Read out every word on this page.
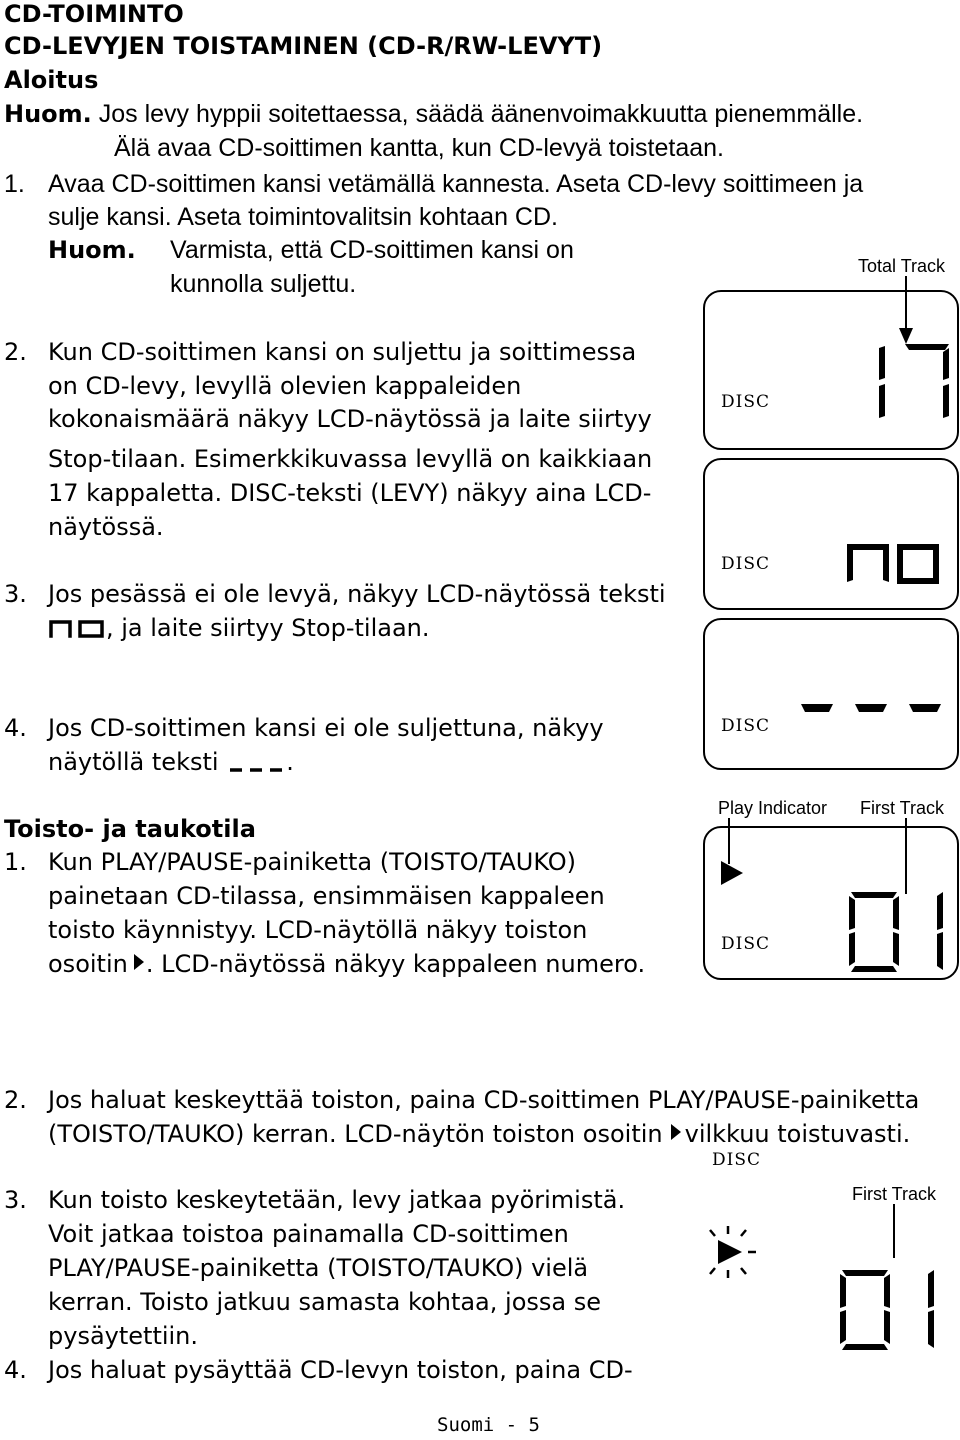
CD-TOIMINTO
CD-LEVYJEN TOISTAMINEN (CD-R/RW-LEVYT)
Aloitus
Huom. Jos levy hyppii soitettaessa, säädä äänenvoimakkuutta pienemmälle.
Älä avaa CD-soittimen kantta, kun CD-levyä toistetaan.
1. Avaa CD-soittimen kansi vetämällä kannesta. Aseta CD-levy soittimeen ja
sulje kansi. Aseta toimintovalitsin kohtaan CD.
Huom. Varmista, että CD-soittimen kansi on
kunnolla suljettu.
2. Kun CD-soittimen kansi on suljettu ja soittimessa
on CD-levy, levyllä olevien kappaleiden
kokonaismäärä näkyy LCD-näytössä ja laite siirtyy
Stop-tilaan. Esimerkkikuvassa levyllä on kaikkiaan
17 kappaletta. DISC-teksti (LEVY) näkyy aina LCD-
näytössä.
3. Jos pesässä ei ole levyä, näkyy LCD-näytössä teksti
, ja laite siirtyy Stop-tilaan.
4. Jos CD-soittimen kansi ei ole suljettuna, näkyy
näytöllä teksti	.
Toisto- ja taukotila
1. Kun PLAY/PAUSE-painiketta (TOISTO/TAUKO)
painetaan CD-tilassa, ensimmäisen kappaleen
toisto käynnistyy. LCD-näytöllä näkyy toiston
osoitin . LCD-näytössä näkyy kappaleen numero.
2. Jos haluat keskeyttää toiston, paina CD-soittimen PLAY/PAUSE-painiketta
(TOISTO/TAUKO) kerran. LCD-näytön toiston osoitin vilkkuu toistuvasti.
3. Kun toisto keskeytetään, levy jatkaa pyörimistä.
Voit jatkaa toistoa painamalla CD-soittimen
PLAY/PAUSE-painiketta (TOISTO/TAUKO) vielä
kerran. Toisto jatkuu samasta kohtaa, jossa se
pysäytettiin.
4. Jos haluat pysäyttää CD-levyn toiston, paina CD-
Suomi - 5
Total Track
DISC
DISC
DISC
Play Indicator First Track
DISC
DISC
First Track
